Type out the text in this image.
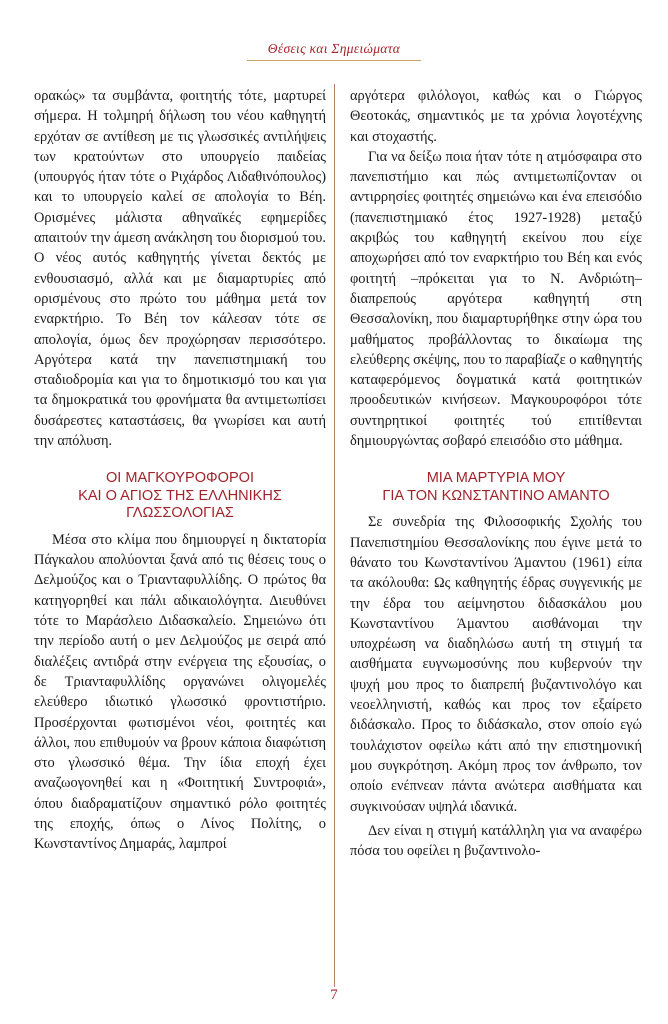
Θέσεις και Σημειώματα

ορακώς» τα συμβάντα, φοιτητής τότε, μαρτυρεί σήμερα. Η τολμηρή δήλωση του νέου καθηγητή ερχόταν σε αντίθεση με τις γλωσσικές αντιλήψεις των κρατούντων στο υπουργείο παιδείας (υπουργός ήταν τότε ο Ριχάρδος Λιδαθινόπουλος) και το υπουργείο καλεί σε απολογία το Βέη. Ορισμένες μάλιστα αθηναϊκές εφημερίδες απαιτούν την άμεση ανάκληση του διορισμού του. Ο νέος αυτός καθηγητής γίνεται δεκτός με ενθουσιασμό, αλλά και με διαμαρτυρίες από ορισμένους στο πρώτο του μάθημα μετά τον εναρκτήριο. Το Βέη τον κάλεσαν τότε σε απολογία, όμως δεν προχώρησαν περισσότερο. Αργότερα κατά την πανεπιστημιακή του σταδιοδρομία και για το δημοτικισμό του και για τα δημοκρατικά του φρονήματα θα αντιμετωπίσει δυσάρεστες καταστάσεις, θα γνωρίσει και αυτή την απόλυση.

ΟΙ ΜΑΓΚΟΥΡΟΦΟΡΟΙ
ΚΑΙ Ο ΑΓΙΟΣ ΤΗΣ ΕΛΛΗΝΙΚΗΣ
ΓΛΩΣΣΟΛΟΓΙΑΣ

Μέσα στο κλίμα που δημιουργεί η δικτατορία Πάγκαλου απολύονται ξανά από τις θέσεις τους ο Δελμούζος και ο Τριανταφυλλίδης. Ο πρώτος θα κατηγορηθεί και πάλι αδικαιολόγητα. Διευθύνει τότε το Μαράσλειο Διδασκαλείο. Σημειώνω ότι την περίοδο αυτή ο μεν Δελμούζος με σειρά από διαλέξεις αντιδρά στην ενέργεια της εξουσίας, ο δε Τριανταφυλλίδης οργανώνει ολιγομελές ελεύθερο ιδιωτικό γλωσσικό φροντιστήριο. Προσέρχονται φωτισμένοι νέοι, φοιτητές και άλλοι, που επιθυμούν να βρουν κάποια διαφώτιση στο γλωσσικό θέμα. Την ίδια εποχή έχει αναζωογονηθεί και η «Φοιτητική Συντροφιά», όπου διαδραματίζουν σημαντικό ρόλο φοιτητές της εποχής, όπως ο Λίνος Πολίτης, ο Κωνσταντίνος Δημαράς, λαμπροί

αργότερα φιλόλογοι, καθώς και ο Γιώργος Θεοτοκάς, σημαντικός με τα χρόνια λογοτέχνης και στοχαστής.

Για να δείξω ποια ήταν τότε η ατμόσφαιρα στο πανεπιστήμιο και πώς αντιμετωπίζονταν οι αντιρρησίες φοιτητές σημειώνω και ένα επεισόδιο (πανεπιστημιακό έτος 1927-1928) μεταξύ ακριβώς του καθηγητή εκείνου που είχε αποχωρήσει από τον εναρκτήριο του Βέη και ενός φοιτητή –πρόκειται για το Ν. Ανδριώτη– διαπρεπούς αργότερα καθηγητή στη Θεσσαλονίκη, που διαμαρτυρήθηκε στην ώρα του μαθήματος προβάλλοντας το δικαίωμα της ελεύθερης σκέψης, που το παραβίαζε ο καθηγητής καταφερόμενος δογματικά κατά φοιτητικών προοδευτικών κινήσεων. Μαγκουροφόροι τότε συντηρητικοί φοιτητές τού επιτίθενται δημιουργώντας σοβαρό επεισόδιο στο μάθημα.

ΜΙΑ ΜΑΡΤΥΡΙΑ ΜΟΥ
ΓΙΑ ΤΟΝ ΚΩΝΣΤΑΝΤΙΝΟ ΑΜΑΝΤΟ

Σε συνεδρία της Φιλοσοφικής Σχολής του Πανεπιστημίου Θεσσαλονίκης που έγινε μετά το θάνατο του Κωνσταντίνου Άμαντου (1961) είπα τα ακόλουθα: Ως καθηγητής έδρας συγγενικής με την έδρα του αείμνηστου διδασκάλου μου Κωνσταντίνου Άμαντου αισθάνομαι την υποχρέωση να διαδηλώσω αυτή τη στιγμή τα αισθήματα ευγνωμοσύνης που κυβερνούν την ψυχή μου προς το διαπρεπή βυζαντινολόγο και νεοελληνιστή, καθώς και προς τον εξαίρετο διδάσκαλο. Προς το διδάσκαλο, στον οποίο εγώ τουλάχιστον οφείλω κάτι από την επιστημονική μου συγκρότηση. Ακόμη προς τον άνθρωπο, τον οποίο ενέπνεαν πάντα ανώτερα αισθήματα και συγκινούσαν υψηλά ιδανικά.

Δεν είναι η στιγμή κατάλληλη για να αναφέρω πόσα του οφείλει η βυζαντινολο-

7
